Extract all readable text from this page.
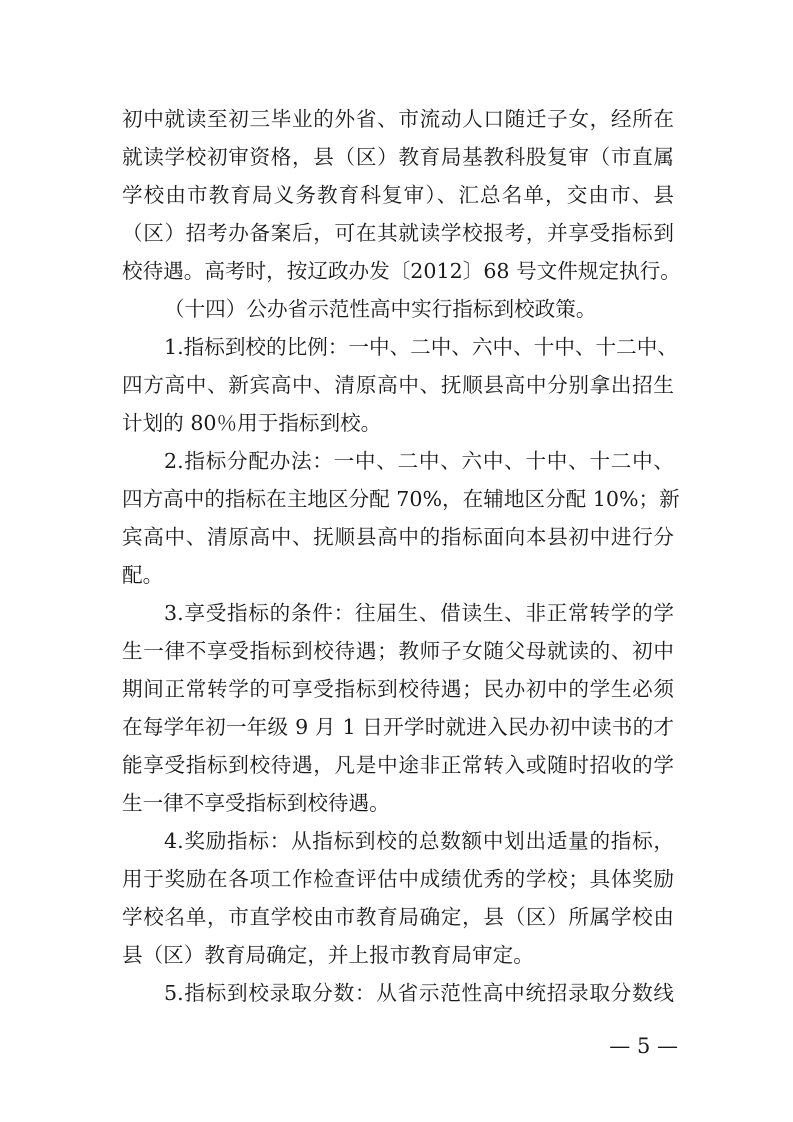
初中就读至初三毕业的外省、市流动人口随迁子女，经所在
就读学校初审资格，县（区）教育局基教科股复审（市直属
学校由市教育局义务教育科复审）、汇总名单，交由市、县
（区）招考办备案后，可在其就读学校报考，并享受指标到
校待遇。高考时，按辽政办发〔2012〕68 号文件规定执行。
（十四）公办省示范性高中实行指标到校政策。
1.指标到校的比例：一中、二中、六中、十中、十二中、
四方高中、新宾高中、清原高中、抚顺县高中分别拿出招生
计划的 80％用于指标到校。
2.指标分配办法：一中、二中、六中、十中、十二中、
四方高中的指标在主地区分配 70%，在辅地区分配 10%；新
宾高中、清原高中、抚顺县高中的指标面向本县初中进行分
配。
3.享受指标的条件：往届生、借读生、非正常转学的学
生一律不享受指标到校待遇；教师子女随父母就读的、初中
期间正常转学的可享受指标到校待遇；民办初中的学生必须
在每学年初一年级 9 月 1 日开学时就进入民办初中读书的才
能享受指标到校待遇，凡是中途非正常转入或随时招收的学
生一律不享受指标到校待遇。
4.奖励指标：从指标到校的总数额中划出适量的指标，
用于奖励在各项工作检查评估中成绩优秀的学校；具体奖励
学校名单，市直学校由市教育局确定，县（区）所属学校由
县（区）教育局确定，并上报市教育局审定。
5.指标到校录取分数：从省示范性高中统招录取分数线
— 5 —
